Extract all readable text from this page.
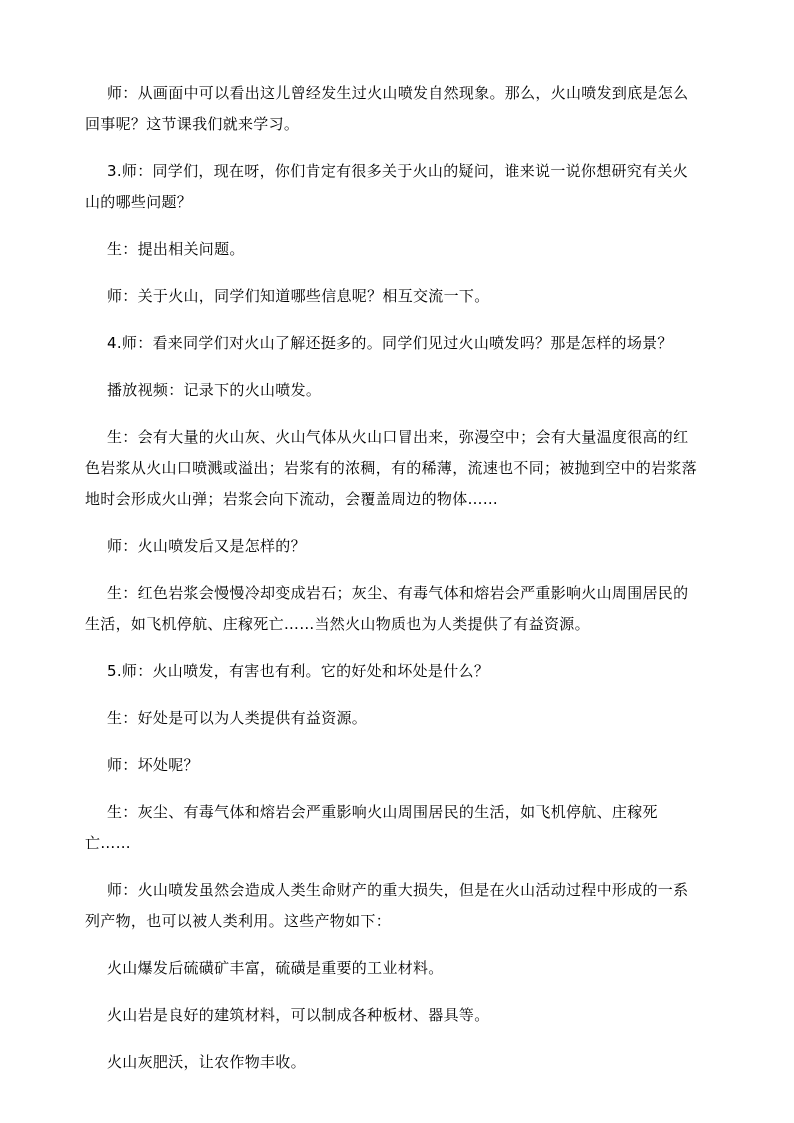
师：从画面中可以看出这儿曾经发生过火山喷发自然现象。那么，火山喷发到底是怎么
回事呢？这节课我们就来学习。

3.师：同学们，现在呀，你们肯定有很多关于火山的疑问，谁来说一说你想研究有关火
山的哪些问题？

生：提出相关问题。

师：关于火山，同学们知道哪些信息呢？相互交流一下。

4.师：看来同学们对火山了解还挺多的。同学们见过火山喷发吗？那是怎样的场景？

播放视频：记录下的火山喷发。

生：会有大量的火山灰、火山气体从火山口冒出来，弥漫空中；会有大量温度很高的红
色岩浆从火山口喷溅或溢出；岩浆有的浓稠，有的稀薄，流速也不同；被抛到空中的岩浆落
地时会形成火山弹；岩浆会向下流动，会覆盖周边的物体……

师：火山喷发后又是怎样的？

生：红色岩浆会慢慢冷却变成岩石；灰尘、有毒气体和熔岩会严重影响火山周围居民的
生活，如飞机停航、庄稼死亡……当然火山物质也为人类提供了有益资源。

5.师：火山喷发，有害也有利。它的好处和坏处是什么？

生：好处是可以为人类提供有益资源。

师：坏处呢？

生：灰尘、有毒气体和熔岩会严重影响火山周围居民的生活，如飞机停航、庄稼死
亡……

师：火山喷发虽然会造成人类生命财产的重大损失，但是在火山活动过程中形成的一系
列产物，也可以被人类利用。这些产物如下：

火山爆发后硫磺矿丰富，硫磺是重要的工业材料。

火山岩是良好的建筑材料，可以制成各种板材、器具等。

火山灰肥沃，让农作物丰收。
